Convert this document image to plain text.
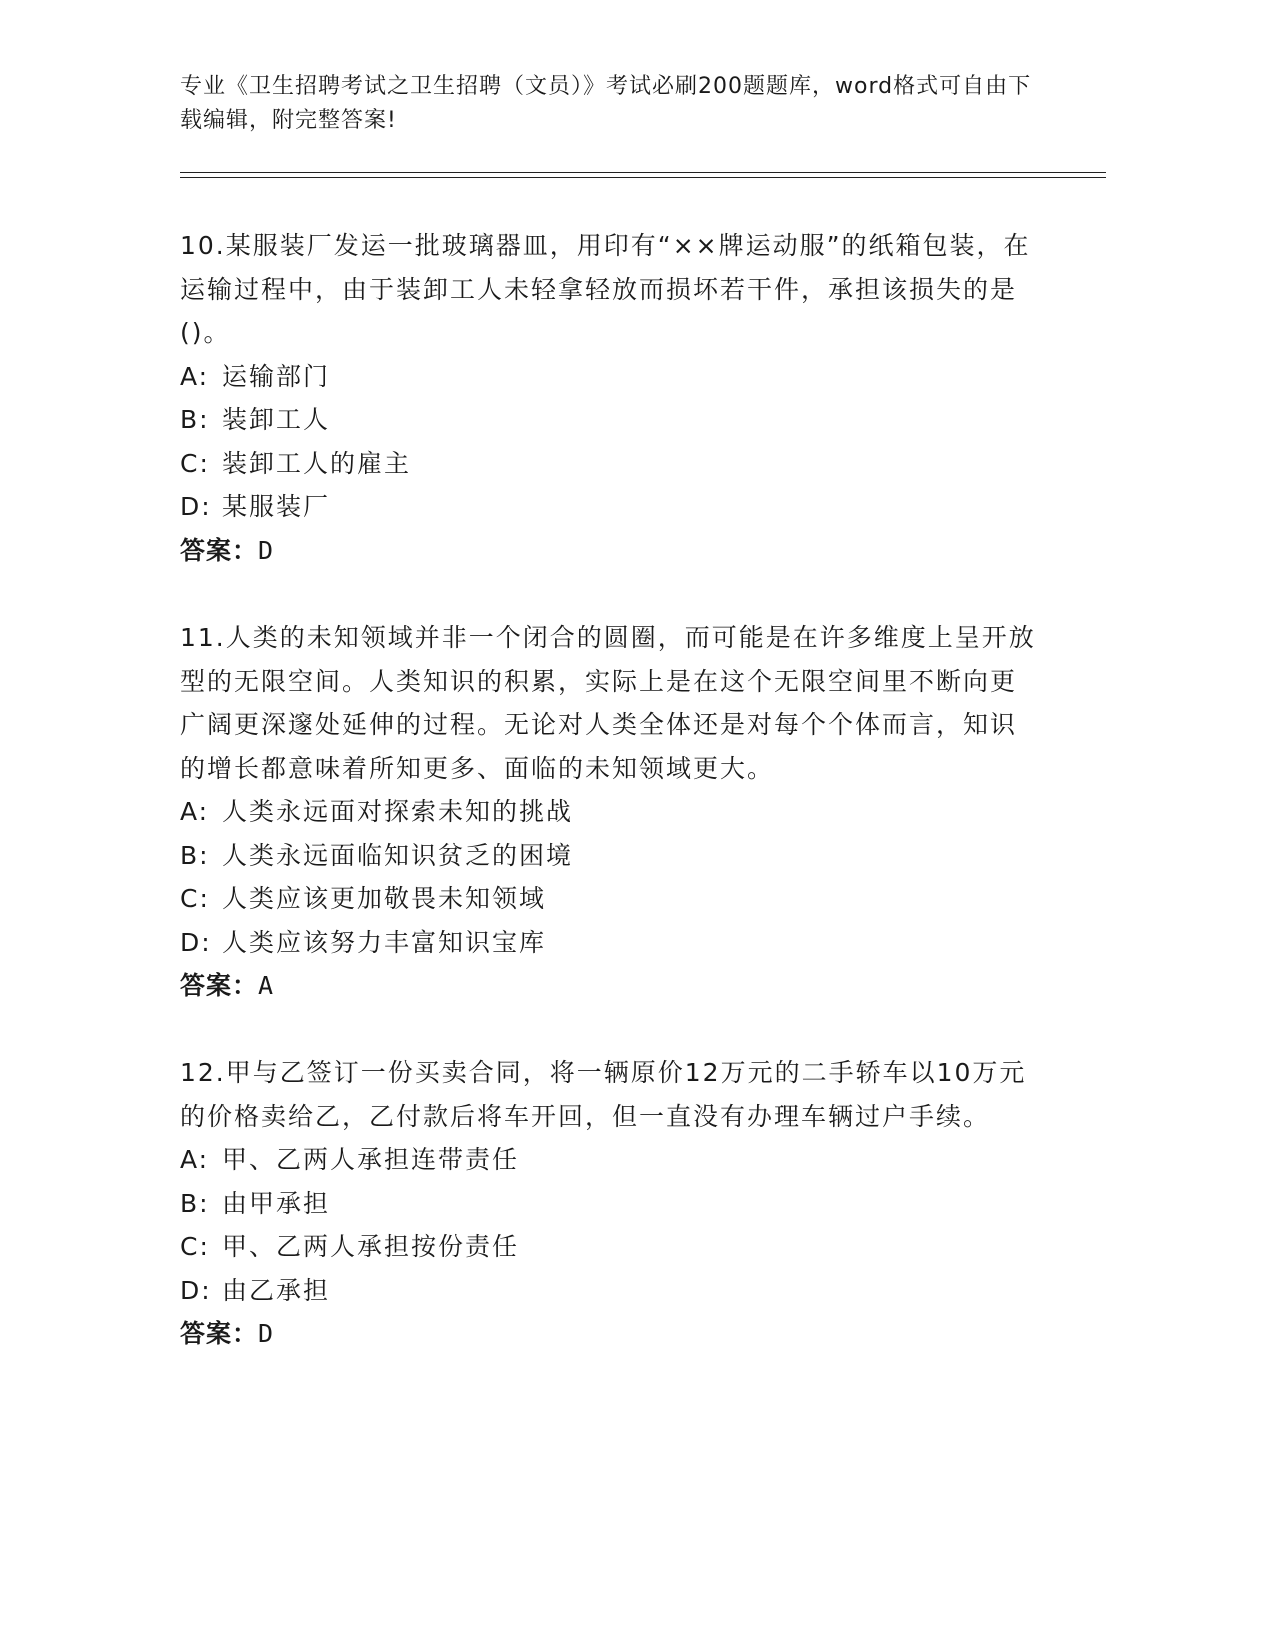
专业《卫生招聘考试之卫生招聘（文员）》考试必刷200题题库，word格式可自由下载编辑，附完整答案!

10.某服装厂发运一批玻璃器皿，用印有“××牌运动服”的纸箱包装，在运输过程中，由于装卸工人未轻拿轻放而损坏若干件，承担该损失的是()。

A: 运输部门

B: 装卸工人

C: 装卸工人的雇主

D: 某服装厂

答案：D

11.人类的未知领域并非一个闭合的圆圈，而可能是在许多维度上呈开放型的无限空间。人类知识的积累，实际上是在这个无限空间里不断向更广阔更深邃处延伸的过程。无论对人类全体还是对每个个体而言，知识的增长都意味着所知更多、面临的未知领域更大。

A: 人类永远面对探索未知的挑战

B: 人类永远面临知识贫乏的困境

C: 人类应该更加敬畏未知领域

D: 人类应该努力丰富知识宝库

答案：A

12.甲与乙签订一份买卖合同，将一辆原价12万元的二手轿车以10万元的价格卖给乙，乙付款后将车开回，但一直没有办理车辆过户手续。

A: 甲、乙两人承担连带责任

B: 由甲承担

C: 甲、乙两人承担按份责任

D: 由乙承担

答案：D
